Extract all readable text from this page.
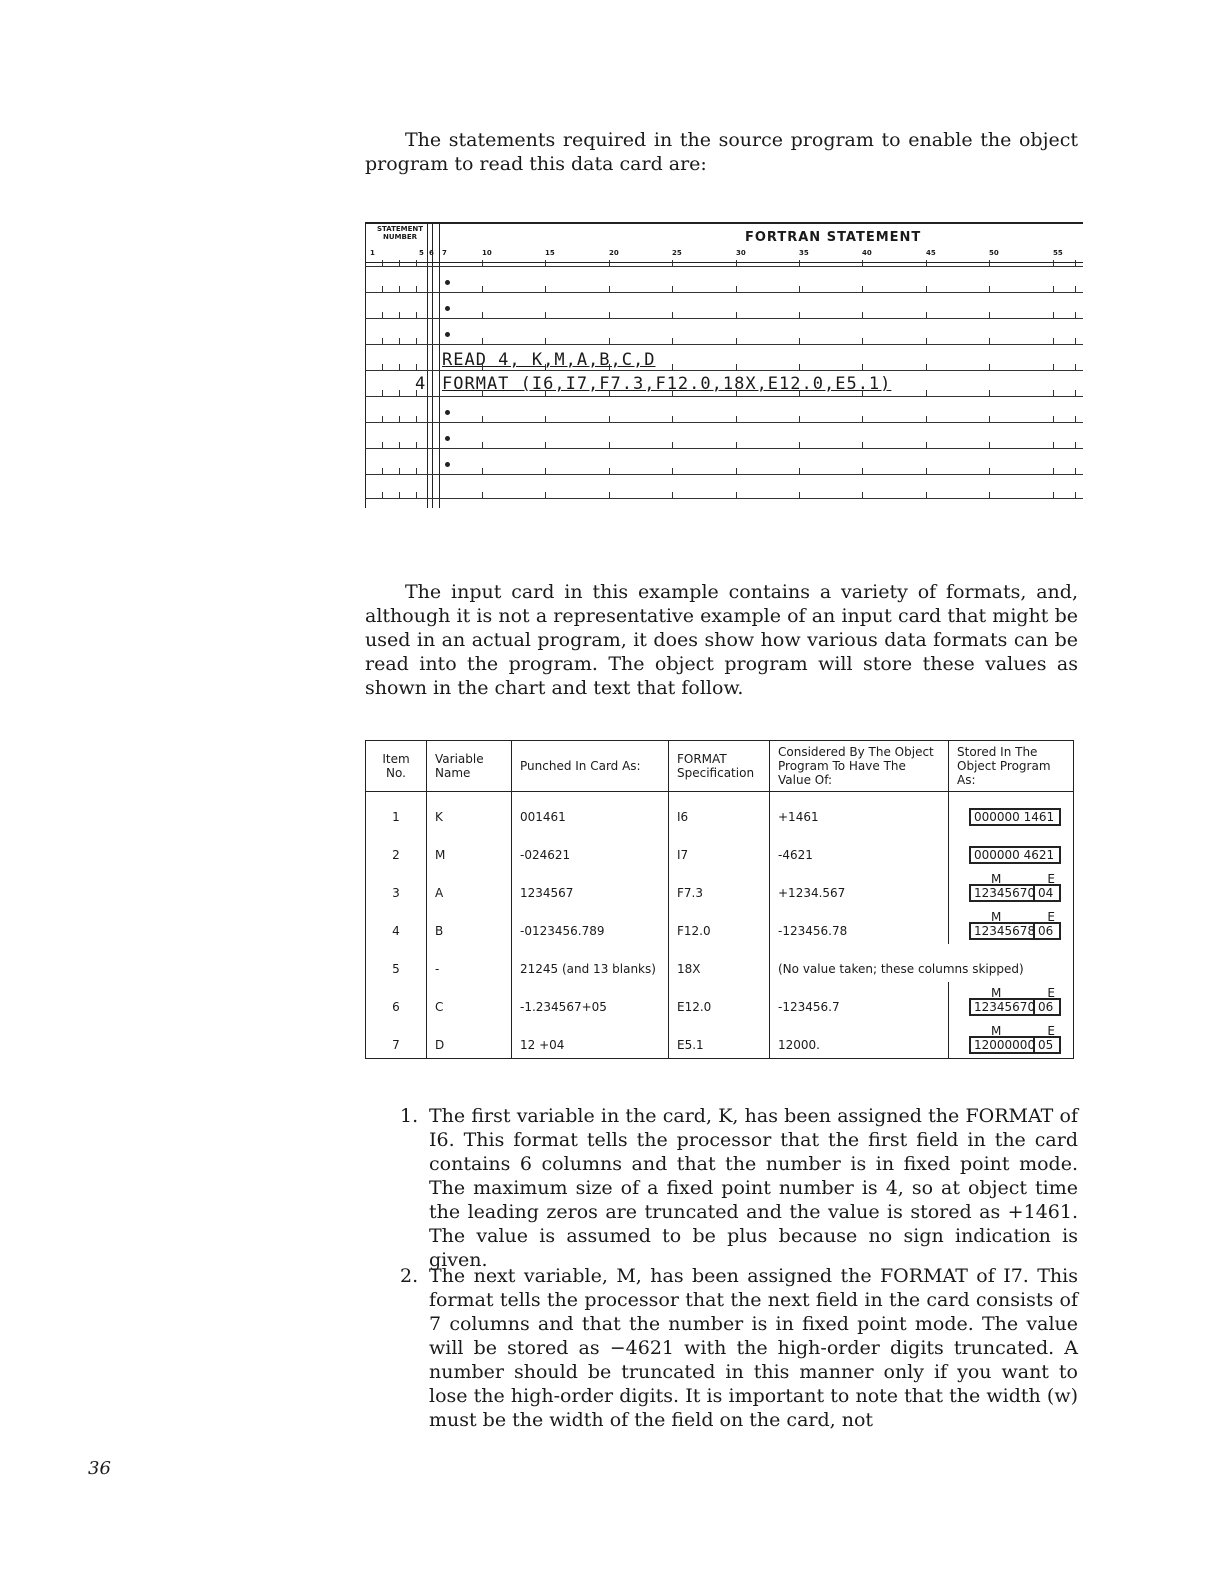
The statements required in the source program to enable the object program to read this data card are:

STATEMENT NUMBER	FORTRAN STATEMENT
1	5 6 7	10	15	20	25	30	35	40	45	50	55
READ 4, K,M,A,B,C,D
4 FORMAT (I6,I7,F7.3,F12.0,18X,E12.0,E5.1)

The input card in this example contains a variety of formats, and, although it is not a representative example of an input card that might be used in an actual program, it does show how various data formats can be read into the program. The object program will store these values as shown in the chart and text that follow.

Item No.	Variable Name	Punched In Card As:	FORMAT Specification	Considered By The Object Program To Have The Value Of:	Stored In The Object Program As:
1	K	001461	I6	+1461	000000 1461

2	M	-024621	I7	-4621	000000 4621

3	A	1234567	F7.3	+1234.567	$\frac{\text{M E}}{12345670 04}$

4	B	-0123456.789	F12.0	-123456.78	$\frac{\text{M E}}{12345678 06}$

5	-	21245 (and 13 blanks)	18X	(No value taken; these columns skipped)	
6	C	-1.234567+05	E12.0	-123456.7	$\frac{\text{M E}}{12345670 06}$

7	D	12 +04	E5.1	12000.	$\frac{\text{M E}}{12000000 05}$
1. The first variable in the card, K, has been assigned the FORMAT of I6. This format tells the processor that the first field in the card contains 6 columns and that the number is in fixed point mode. The maximum size of a fixed point number is 4, so at object time the leading zeros are truncated and the value is stored as +1461. The value is assumed to be plus because no sign indication is given.
2. The next variable, M, has been assigned the FORMAT of I7. This format tells the processor that the next field in the card consists of 7 columns and that the number is in fixed point mode. The value will be stored as −4621 with the high-order digits truncated. A number should be truncated in this manner only if you want to lose the high-order digits. It is important to note that the width (w) must be the width of the field on the card, not
36
